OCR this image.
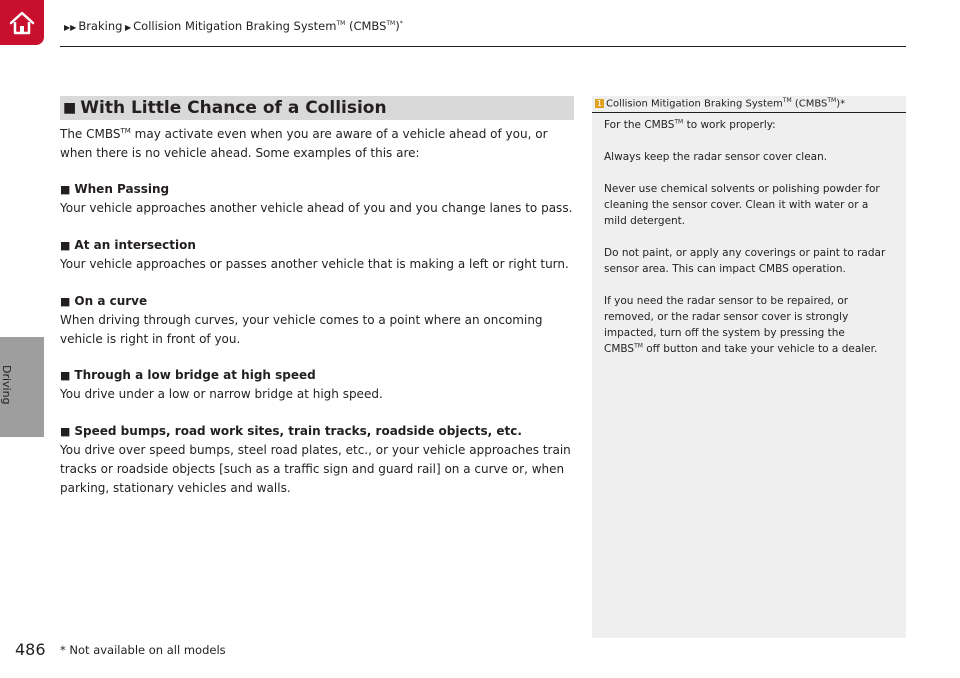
▶▶ Braking ▶ Collision Mitigation Braking System™ (CMBS™)*
Driving
■ With Little Chance of a Collision
The CMBS™ may activate even when you are aware of a vehicle ahead of you, or
when there is no vehicle ahead. Some examples of this are:
■ When Passing
Your vehicle approaches another vehicle ahead of you and you change lanes to pass.
■ At an intersection
Your vehicle approaches or passes another vehicle that is making a left or right turn.
■ On a curve
When driving through curves, your vehicle comes to a point where an oncoming
vehicle is right in front of you.
■ Through a low bridge at high speed
You drive under a low or narrow bridge at high speed.
■ Speed bumps, road work sites, train tracks, roadside objects, etc.
You drive over speed bumps, steel road plates, etc., or your vehicle approaches train
tracks or roadside objects [such as a traffic sign and guard rail] on a curve or, when
parking, stationary vehicles and walls.
1 Collision Mitigation Braking System™ (CMBS™)*
For the CMBS™ to work properly:
Always keep the radar sensor cover clean.
Never use chemical solvents or polishing powder for
cleaning the sensor cover. Clean it with water or a
mild detergent.
Do not paint, or apply any coverings or paint to radar
sensor area. This can impact CMBS operation.
If you need the radar sensor to be repaired, or
removed, or the radar sensor cover is strongly
impacted, turn off the system by pressing the
CMBS™ off button and take your vehicle to a dealer.
486 * Not available on all models
